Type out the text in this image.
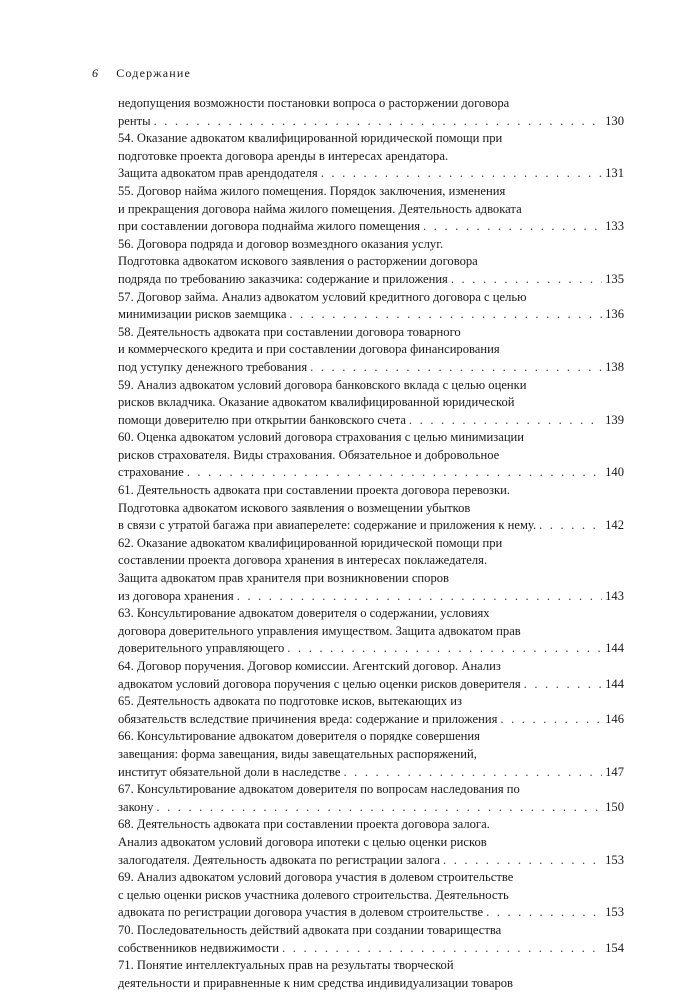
6 Содержание
недопущения возможности постановки вопроса о расторжении договора
ренты . . .	130
54. Оказание адвокатом квалифицированной юридической помощи при
подготовке проекта договора аренды в интересах арендатора.
Защита адвокатом прав арендодателя . . .	131
55. Договор найма жилого помещения. Порядок заключения, изменения
и прекращения договора найма жилого помещения. Деятельность адвоката
при составлении договора поднайма жилого помещения . . .	133
56. Договора подряда и договор возмездного оказания услуг.
Подготовка адвокатом искового заявления о расторжении договора
подряда по требованию заказчика: содержание и приложения . . .	135
57. Договор займа. Анализ адвокатом условий кредитного договора с целью
минимизации рисков заемщика . . .	136
58. Деятельность адвоката при составлении договора товарного
и коммерческого кредита и при составлении договора финансирования
под уступку денежного требования . . .	138
59. Анализ адвокатом условий договора банковского вклада с целью оценки
рисков вкладчика. Оказание адвокатом квалифицированной юридической
помощи доверителю при открытии банковского счета . . .	139
60. Оценка адвокатом условий договора страхования с целью минимизации
рисков страхователя. Виды страхования. Обязательное и добровольное
страхование . . .	140
61. Деятельность адвоката при составлении проекта договора перевозки.
Подготовка адвокатом искового заявления о возмещении убытков
в связи с утратой багажа при авиаперелете: содержание и приложения к нему. . . .	142
62. Оказание адвокатом квалифицированной юридической помощи при
составлении проекта договора хранения в интересах поклажедателя.
Защита адвокатом прав хранителя при возникновении споров
из договора хранения . . .	143
63. Консультирование адвокатом доверителя о содержании, условиях
договора доверительного управления имуществом. Защита адвокатом прав
доверительного управляющего . . .	144
64. Договор поручения. Договор комиссии. Агентский договор. Анализ
адвокатом условий договора поручения с целью оценки рисков доверителя . . .	144
65. Деятельность адвоката по подготовке исков, вытекающих из
обязательств вследствие причинения вреда: содержание и приложения . . .	146
66. Консультирование адвокатом доверителя о порядке совершения
завещания: форма завещания, виды завещательных распоряжений,
институт обязательной доли в наследстве . . .	147
67. Консультирование адвокатом доверителя по вопросам наследования по
закону . . .	150
68. Деятельность адвоката при составлении проекта договора залога.
Анализ адвокатом условий договора ипотеки с целью оценки рисков
залогодателя. Деятельность адвоката по регистрации залога . . .	153
69. Анализ адвокатом условий договора участия в долевом строительстве
с целью оценки рисков участника долевого строительства. Деятельность
адвоката по регистрации договора участия в долевом строительстве . . .	153
70. Последовательность действий адвоката при создании товарищества
собственников недвижимости . . .	154
71. Понятие интеллектуальных прав на результаты творческой
деятельности и приравненные к ним средства индивидуализации товаров
